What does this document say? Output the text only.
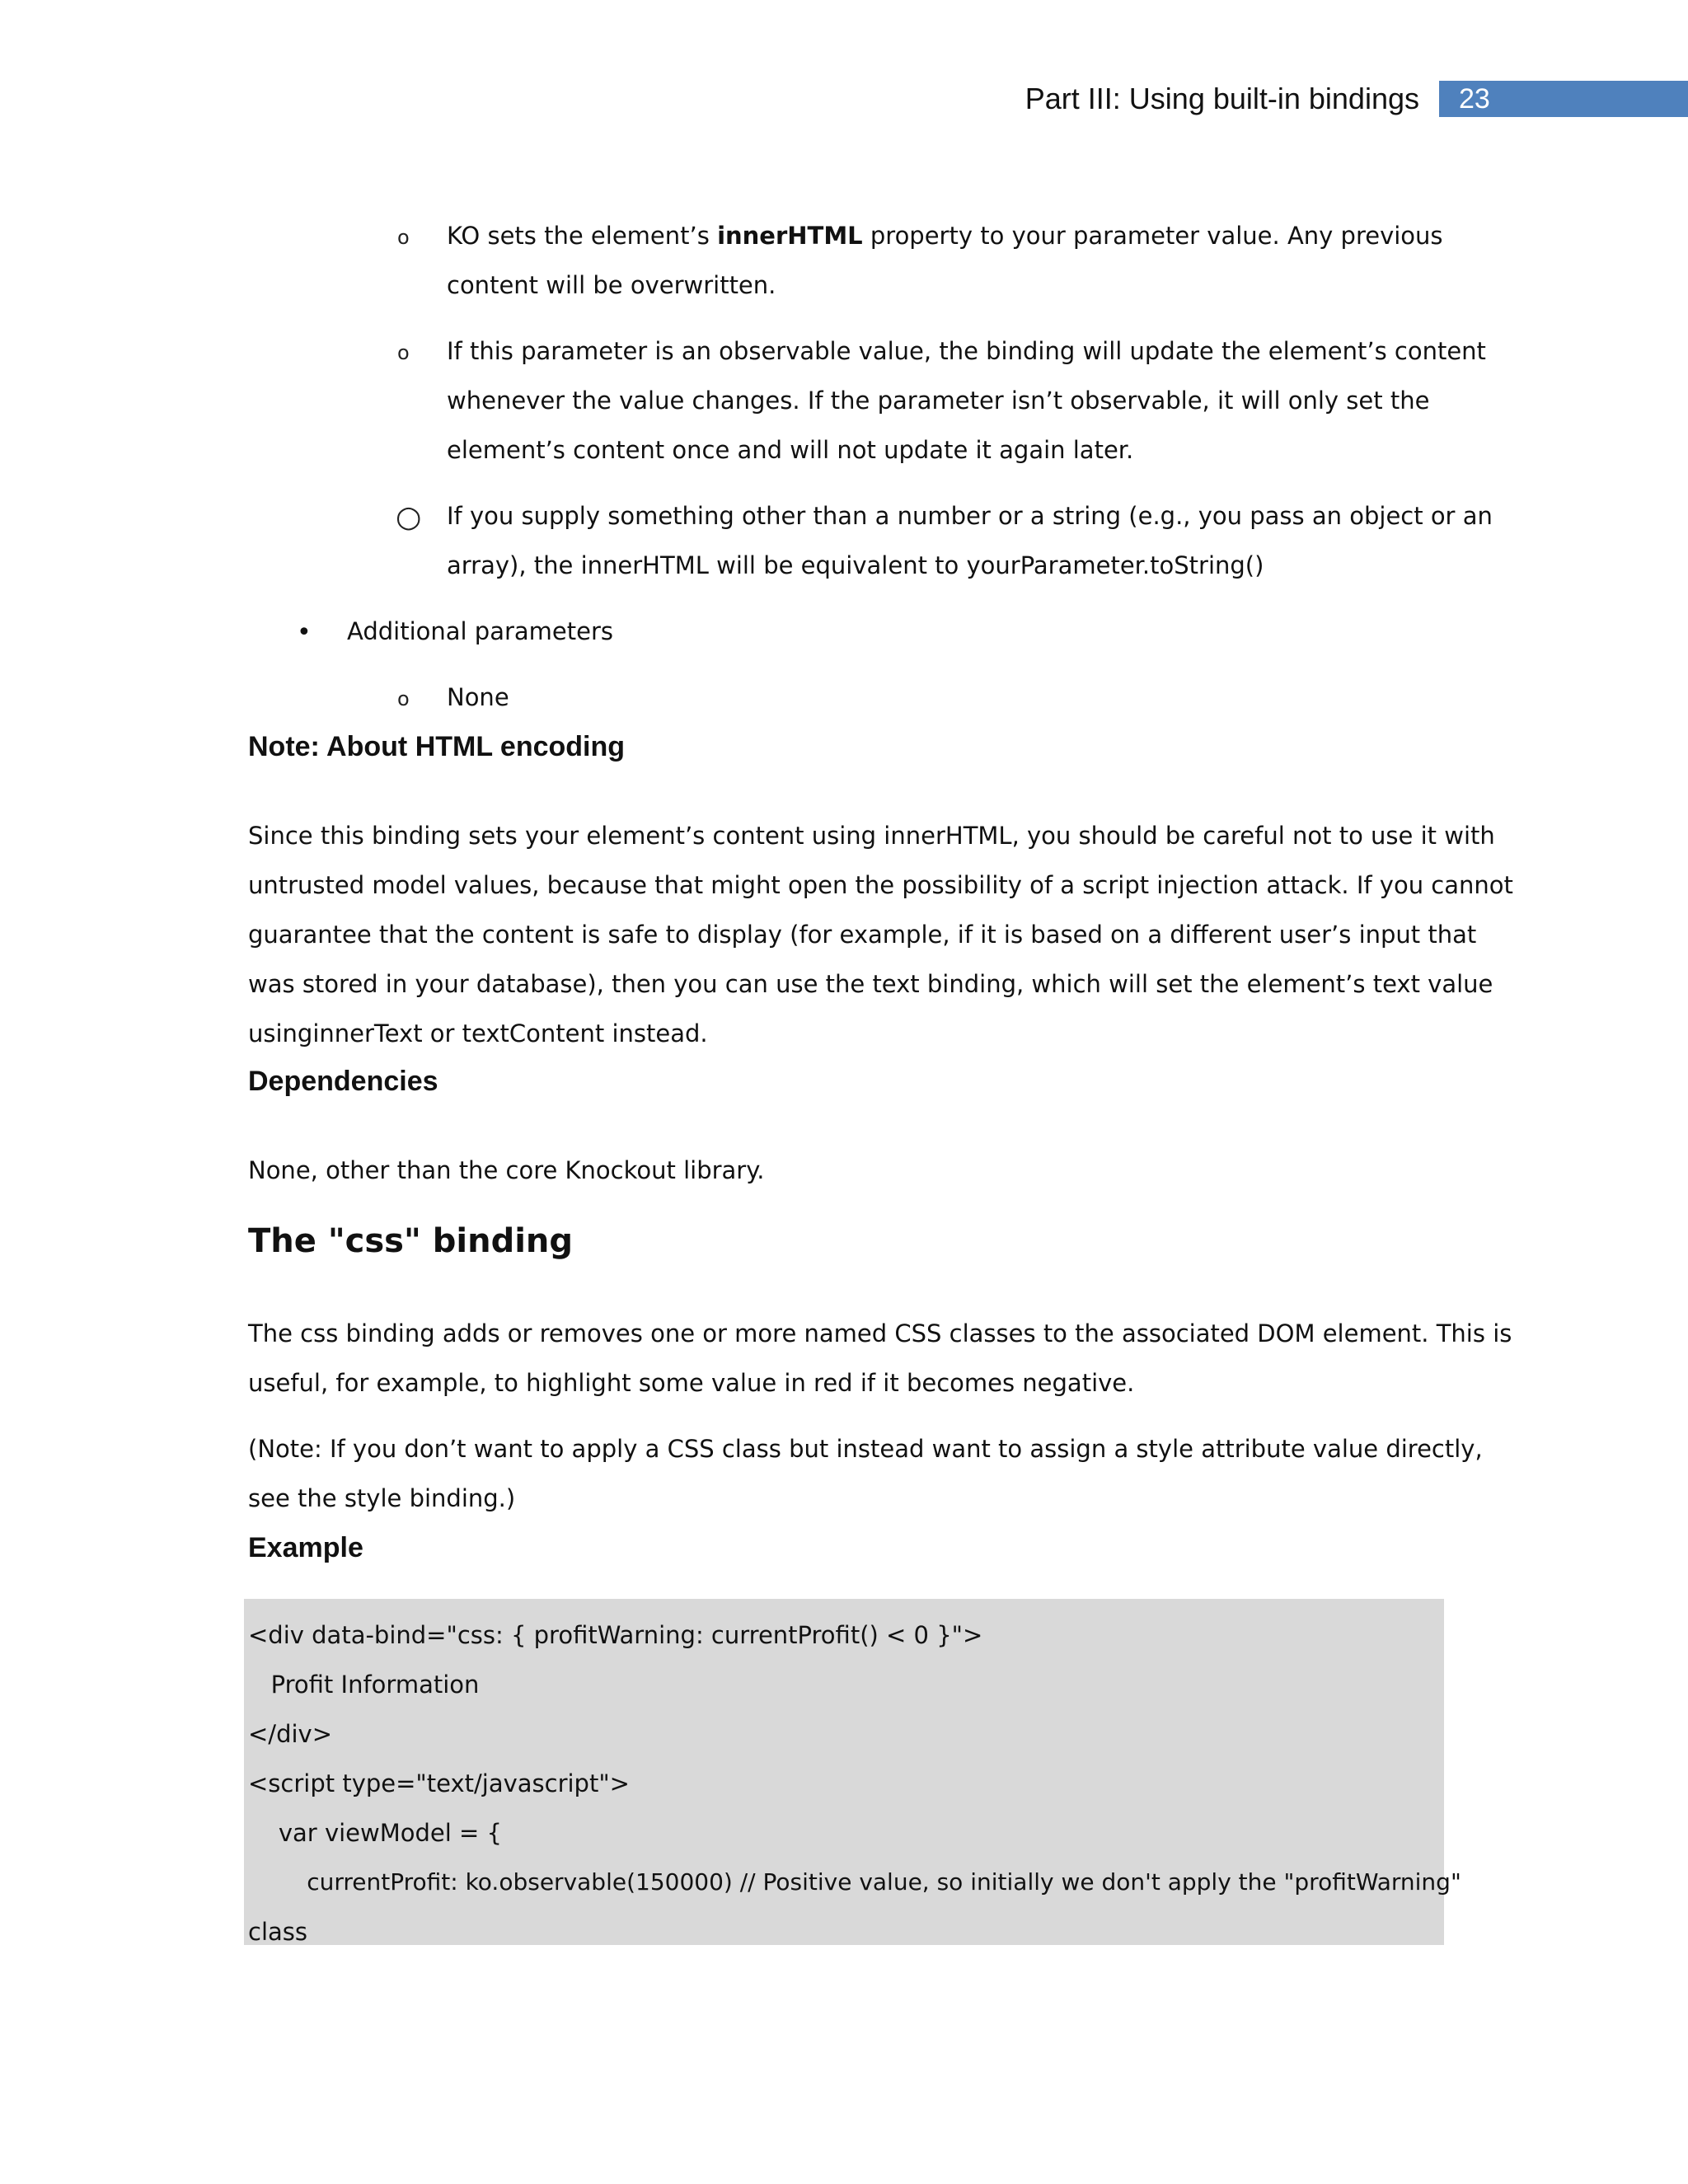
Part III: Using built-in bindings 23
o KO sets the element’s innerHTML property to your parameter value. Any previous
content will be overwritten.
o If this parameter is an observable value, the binding will update the element’s content
whenever the value changes. If the parameter isn’t observable, it will only set the
element’s content once and will not update it again later.
○ If you supply something other than a number or a string (e.g., you pass an object or an
array), the innerHTML will be equivalent to yourParameter.toString()
• Additional parameters
o None
Note: About HTML encoding
Since this binding sets your element’s content using innerHTML, you should be careful not to use it with
untrusted model values, because that might open the possibility of a script injection attack. If you cannot
guarantee that the content is safe to display (for example, if it is based on a different user’s input that
was stored in your database), then you can use the text binding, which will set the element’s text value
usinginnerText or textContent instead.
Dependencies
None, other than the core Knockout library.
The "css" binding
The css binding adds or removes one or more named CSS classes to the associated DOM element. This is
useful, for example, to highlight some value in red if it becomes negative.
(Note: If you don’t want to apply a CSS class but instead want to assign a style attribute value directly,
see the style binding.)
Example
<div data-bind="css: { profitWarning: currentProfit() < 0 }">
Profit Information
</div>
<script type="text/javascript">
var viewModel = {
currentProfit: ko.observable(150000) // Positive value, so initially we don't apply the "profitWarning"
class
